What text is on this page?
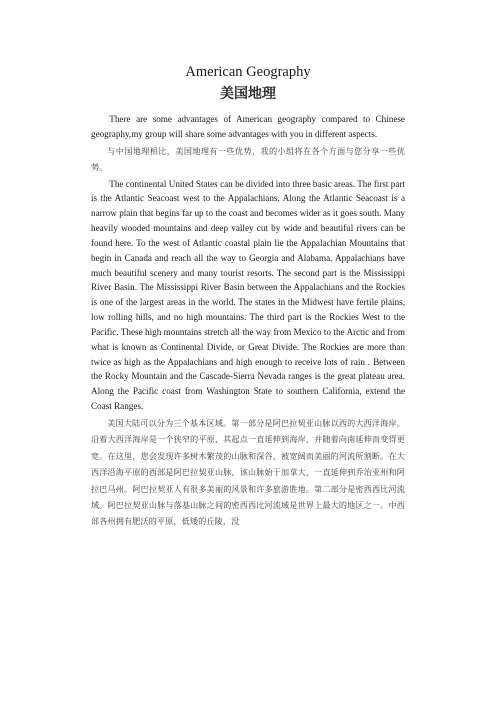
American Geography
美国地理

There are some advantages of American geography compared to Chinese geography,my group will share some advantages with you in different aspects.

与中国地理相比，美国地理有一些优势，我的小组将在各个方面与您分享一些优势。

The continental United States can be divided into three basic areas. The first part is the Atlantic Seacoast west to the Appalachians. Along the Atlantic Seacoast is a narrow plain that begins far up to the coast and becomes wider as it goes south. Many heavily wooded mountains and deep valley cut by wide and beautiful rivers can be found here. To the west of Atlantic coastal plain lie the Appalachian Mountains that begin in Canada and reach all the way to Georgia and Alabama. Appalachians have much beautiful scenery and many tourist resorts. The second part is the Mississippi River Basin. The Mississippi River Basin between the Appalachians and the Rockies is one of the largest areas in the world. The states in the Midwest have fertile plains, low rolling hills, and no high mountains. The third part is the Rockies West to the Pacific. These high mountains stretch all the way from Mexico to the Arctic and from what is known as Continental Divide, or Great Divide. The Rockies are more than twice as high as the Appalachians and high enough to receive lots of rain . Between the Rocky Mountain and the Cascade-Sierra Nevada ranges is the great plateau area. Along the Pacific coast from Washington State to southern California, extend the Coast Ranges.

美国大陆可以分为三个基本区域。第一部分是阿巴拉契亚山脉以西的大西洋海岸。沿着大西洋海岸是一个狭窄的平原，其起点一直延伸到海岸，并随着向南延伸而变得更宽。在这里，您会发现许多树木繁茂的山脉和深谷，被宽阔而美丽的河流所割断。在大西洋沿海平原的西部是阿巴拉契亚山脉，该山脉始于加拿大，一直延伸到乔治亚州和阿拉巴马州。阿巴拉契亚人有很多美丽的风景和许多旅游胜地。第二部分是密西西比河流域。阿巴拉契亚山脉与落基山脉之间的密西西比河流域是世界上最大的地区之一。中西部各州拥有肥沃的平原，低矮的丘陵，没
